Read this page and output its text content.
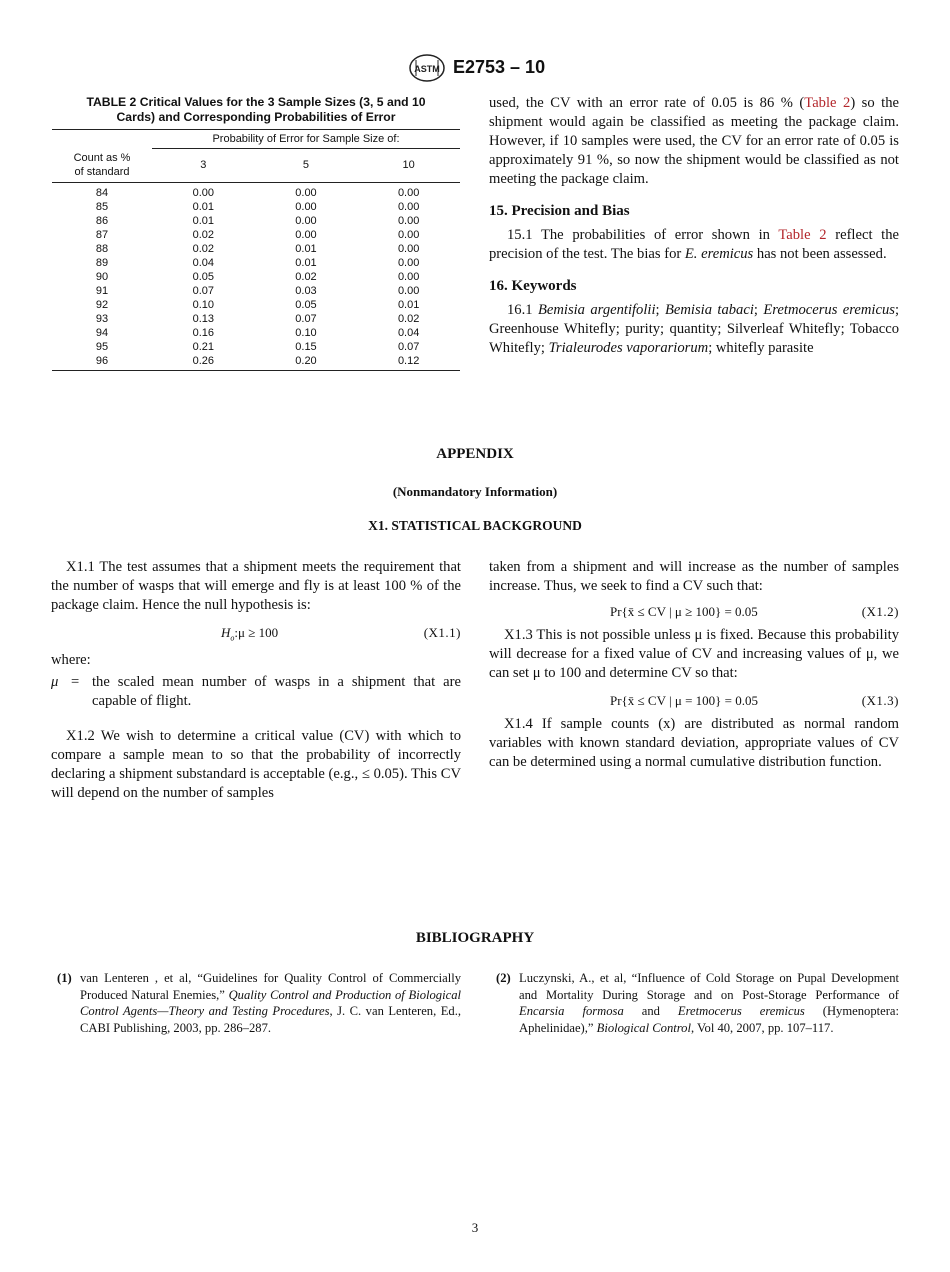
ASTM E2753 – 10
TABLE 2 Critical Values for the 3 Sample Sizes (3, 5 and 10
Cards) and Corresponding Probabilities of Error
	Probability of Error for Sample Size of:		

Count as %
of standard	3	5	10
84	0.00	0.00	0.00
85	0.01	0.00	0.00
86	0.01	0.00	0.00
87	0.02	0.00	0.00
88	0.02	0.01	0.00
89	0.04	0.01	0.00
90	0.05	0.02	0.00
91	0.07	0.03	0.00
92	0.10	0.05	0.01
93	0.13	0.07	0.02
94	0.16	0.10	0.04
95	0.21	0.15	0.07
96	0.26	0.20	0.12

used, the CV with an error rate of 0.05 is 86 % (Table 2) so the shipment would again be classified as meeting the package claim. However, if 10 samples were used, the CV for an error rate of 0.05 is approximately 91 %, so now the shipment would be classified as not meeting the package claim.

15. Precision and Bias

15.1 The probabilities of error shown in Table 2 reflect the precision of the test. The bias for E. eremicus has not been assessed.

16. Keywords

16.1 Bemisia argentifolii; Bemisia tabaci; Eretmocerus eremicus; Greenhouse Whitefly; purity; quantity; Silverleaf Whitefly; Tobacco Whitefly; Trialeurodes vaporariorum; whitefly parasite

APPENDIX
(Nonmandatory Information)
X1. STATISTICAL BACKGROUND

X1.1 The test assumes that a shipment meets the requirement that the number of wasps that will emerge and fly is at least 100 % of the package claim. Hence the null hypothesis is:

$H_o:\mu \ge 100$	(X1.1)

where:

μ = the scaled mean number of wasps in a shipment that are capable of flight.

X1.2 We wish to determine a critical value (CV) with which to compare a sample mean to so that the probability of incorrectly declaring a shipment substandard is acceptable (e.g., ≤ 0.05). This CV will depend on the number of samples

taken from a shipment and will increase as the number of samples increase. Thus, we seek to find a CV such that:

Pr{x̄ ≤ CV | μ ≥ 100} = 0.05	(X1.2)

X1.3 This is not possible unless μ is fixed. Because this probability will decrease for a fixed value of CV and increasing values of μ, we can set μ to 100 and determine CV so that:

Pr{x̄ ≤ CV | μ = 100} = 0.05	(X1.3)

X1.4 If sample counts (x) are distributed as normal random variables with known standard deviation, appropriate values of CV can be determined using a normal cumulative distribution function.

BIBLIOGRAPHY
(1) van Lenteren , et al, “Guidelines for Quality Control of Commercially Produced Natural Enemies,” Quality Control and Production of Biological Control Agents—Theory and Testing Procedures, J. C. van Lenteren, Ed., CABI Publishing, 2003, pp. 286–287.

(2) Luczynski, A., et al, “Influence of Cold Storage on Pupal Development and Mortality During Storage and on Post-Storage Performance of Encarsia formosa and Eretmocerus eremicus (Hymenoptera: Aphelinidae),” Biological Control, Vol 40, 2007, pp. 107–117.

3
